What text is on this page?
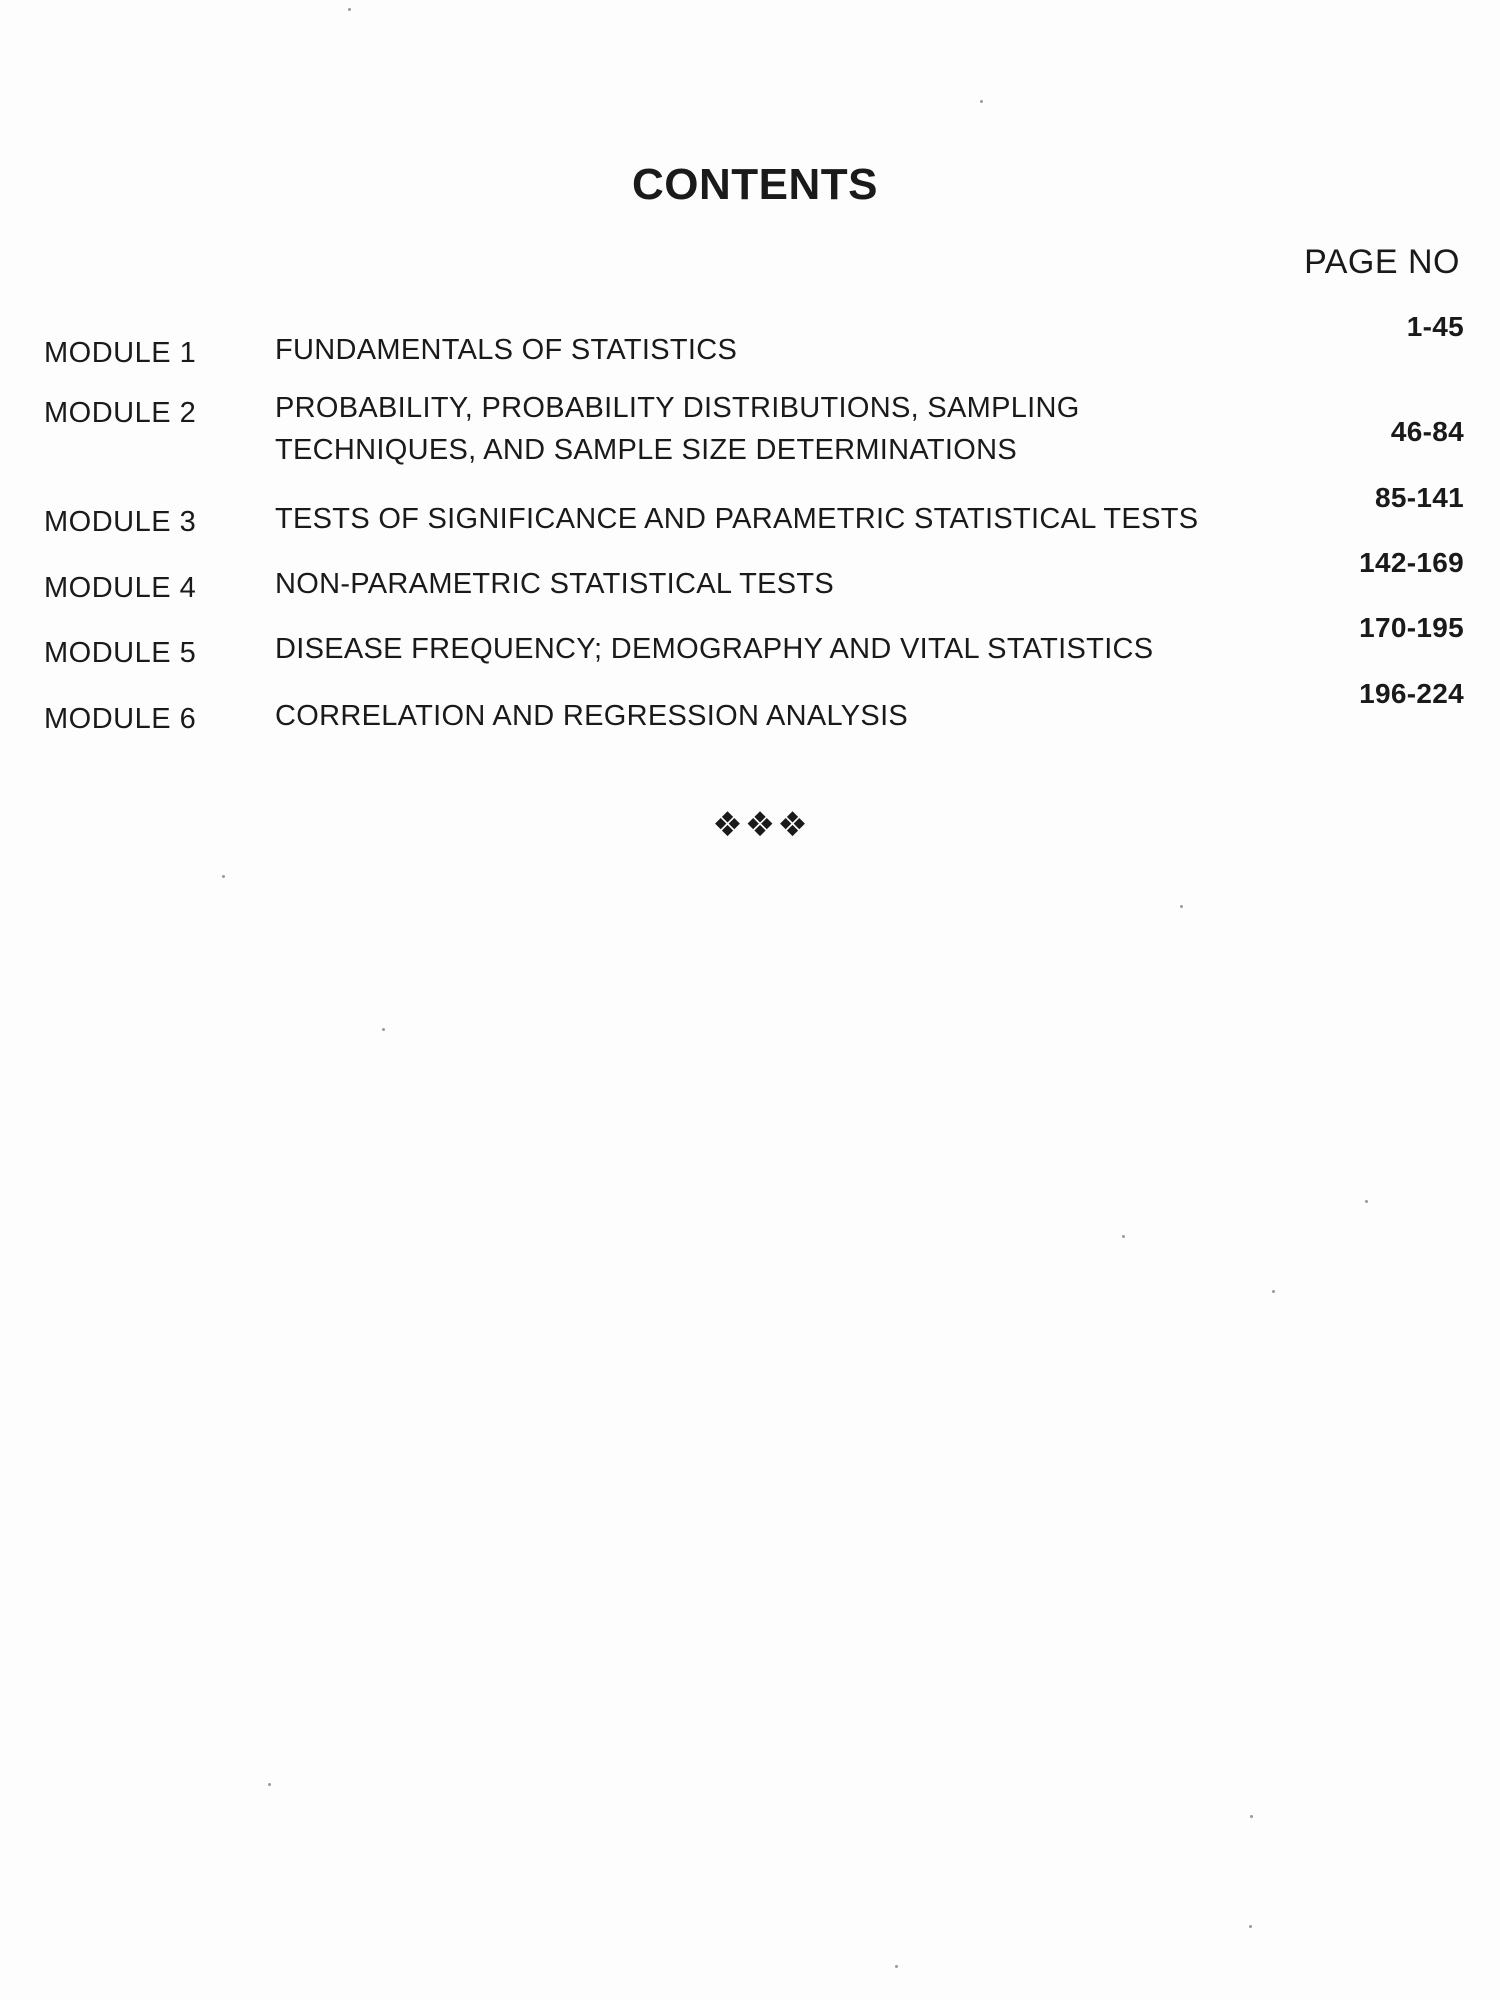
CONTENTS
PAGE NO
MODULE 1	FUNDAMENTALS OF STATISTICS
1-45
MODULE 2	PROBABILITY, PROBABILITY DISTRIBUTIONS, SAMPLING TECHNIQUES, AND SAMPLE SIZE DETERMINATIONS
46-84
MODULE 3	TESTS OF SIGNIFICANCE AND PARAMETRIC STATISTICAL TESTS
85-141
MODULE 4	NON-PARAMETRIC STATISTICAL TESTS
142-169
MODULE 5	DISEASE FREQUENCY; DEMOGRAPHY AND VITAL STATISTICS
170-195
MODULE 6	CORRELATION AND REGRESSION ANALYSIS
196-224
❖❖❖
